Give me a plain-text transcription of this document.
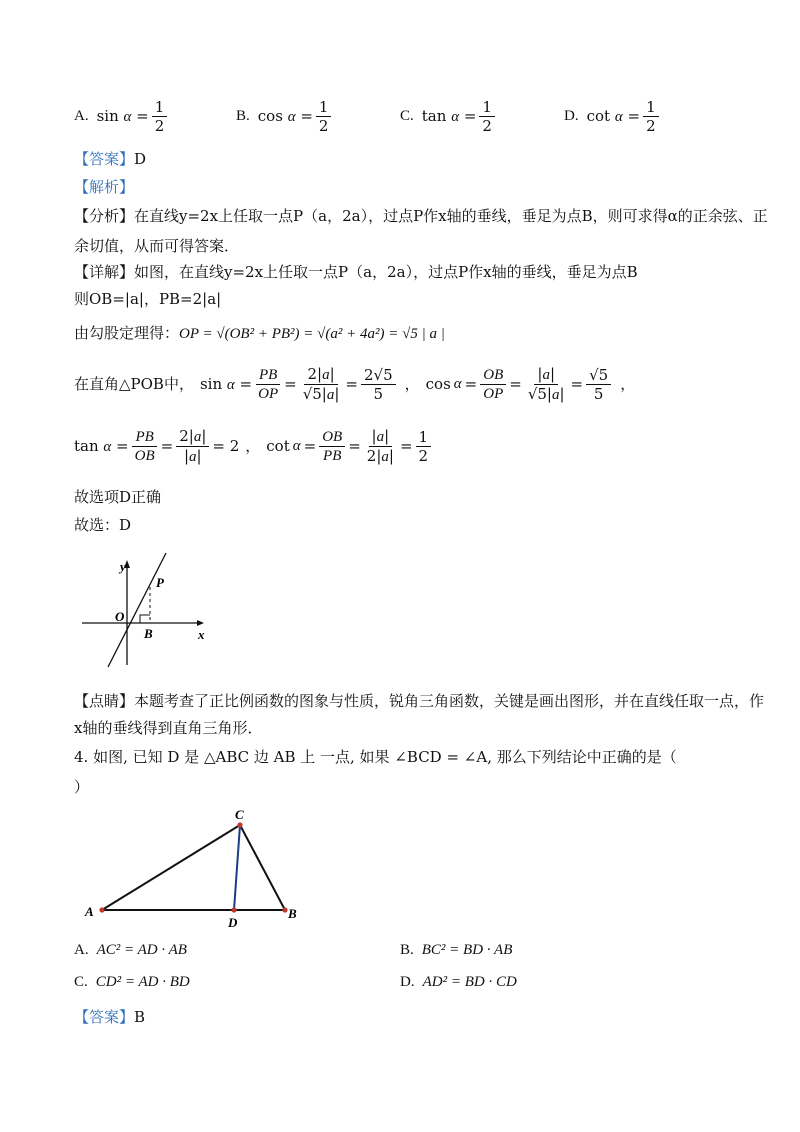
A. $\sin \alpha = \frac{1}{2}$	B. $\cos \alpha = \frac{1}{2}$	C. $\tan \alpha = \frac{1}{2}$	D. $\cot \alpha = \frac{1}{2}$
【答案】D
【解析】
【分析】在直线y=2x上任取一点P（a，2a），过点P作x轴的垂线，垂足为点B，则可求得α的正余弦、正
余切值，从而可得答案．
【详解】如图，在直线y=2x上任取一点P（a，2a），过点P作x轴的垂线，垂足为点B
则OB=|a|，PB=2|a|
由勾股定理得：OP = √(OB² + PB²) = √(a² + 4a²) = √5 | a |
在直角△POB中， $\sin \alpha = \frac{PB}{OP} = \frac{2|a|}{√5|a|} = \frac{2√5}{5}$ ， $\cos \alpha = \frac{OB}{OP} = \frac{|a|}{√5|a|} = \frac{√5}{5}$ ，
$\tan \alpha = \frac{PB}{OB} = \frac{2|a|}{|a|} = 2$ ， $\cot \alpha = \frac{OB}{PB} = \frac{|a|}{2|a|} = \frac{1}{2}$
故选项D正确
故选：D
y
x
O
P
B
【点睛】本题考查了正比例函数的图象与性质，锐角三角函数，关键是画出图形，并在直线任取一点，作
x轴的垂线得到直角三角形．
4. 如图, 已知 D 是 △ABC 边 AB 上 一点, 如果 ∠BCD = ∠A, 那么下列结论中正确的是（
）
A	B
C
D
A. AC² = AD · AB	B. BC² = BD · AB
C. CD² = AD · BD	D. AD² = BD · CD
【答案】B
